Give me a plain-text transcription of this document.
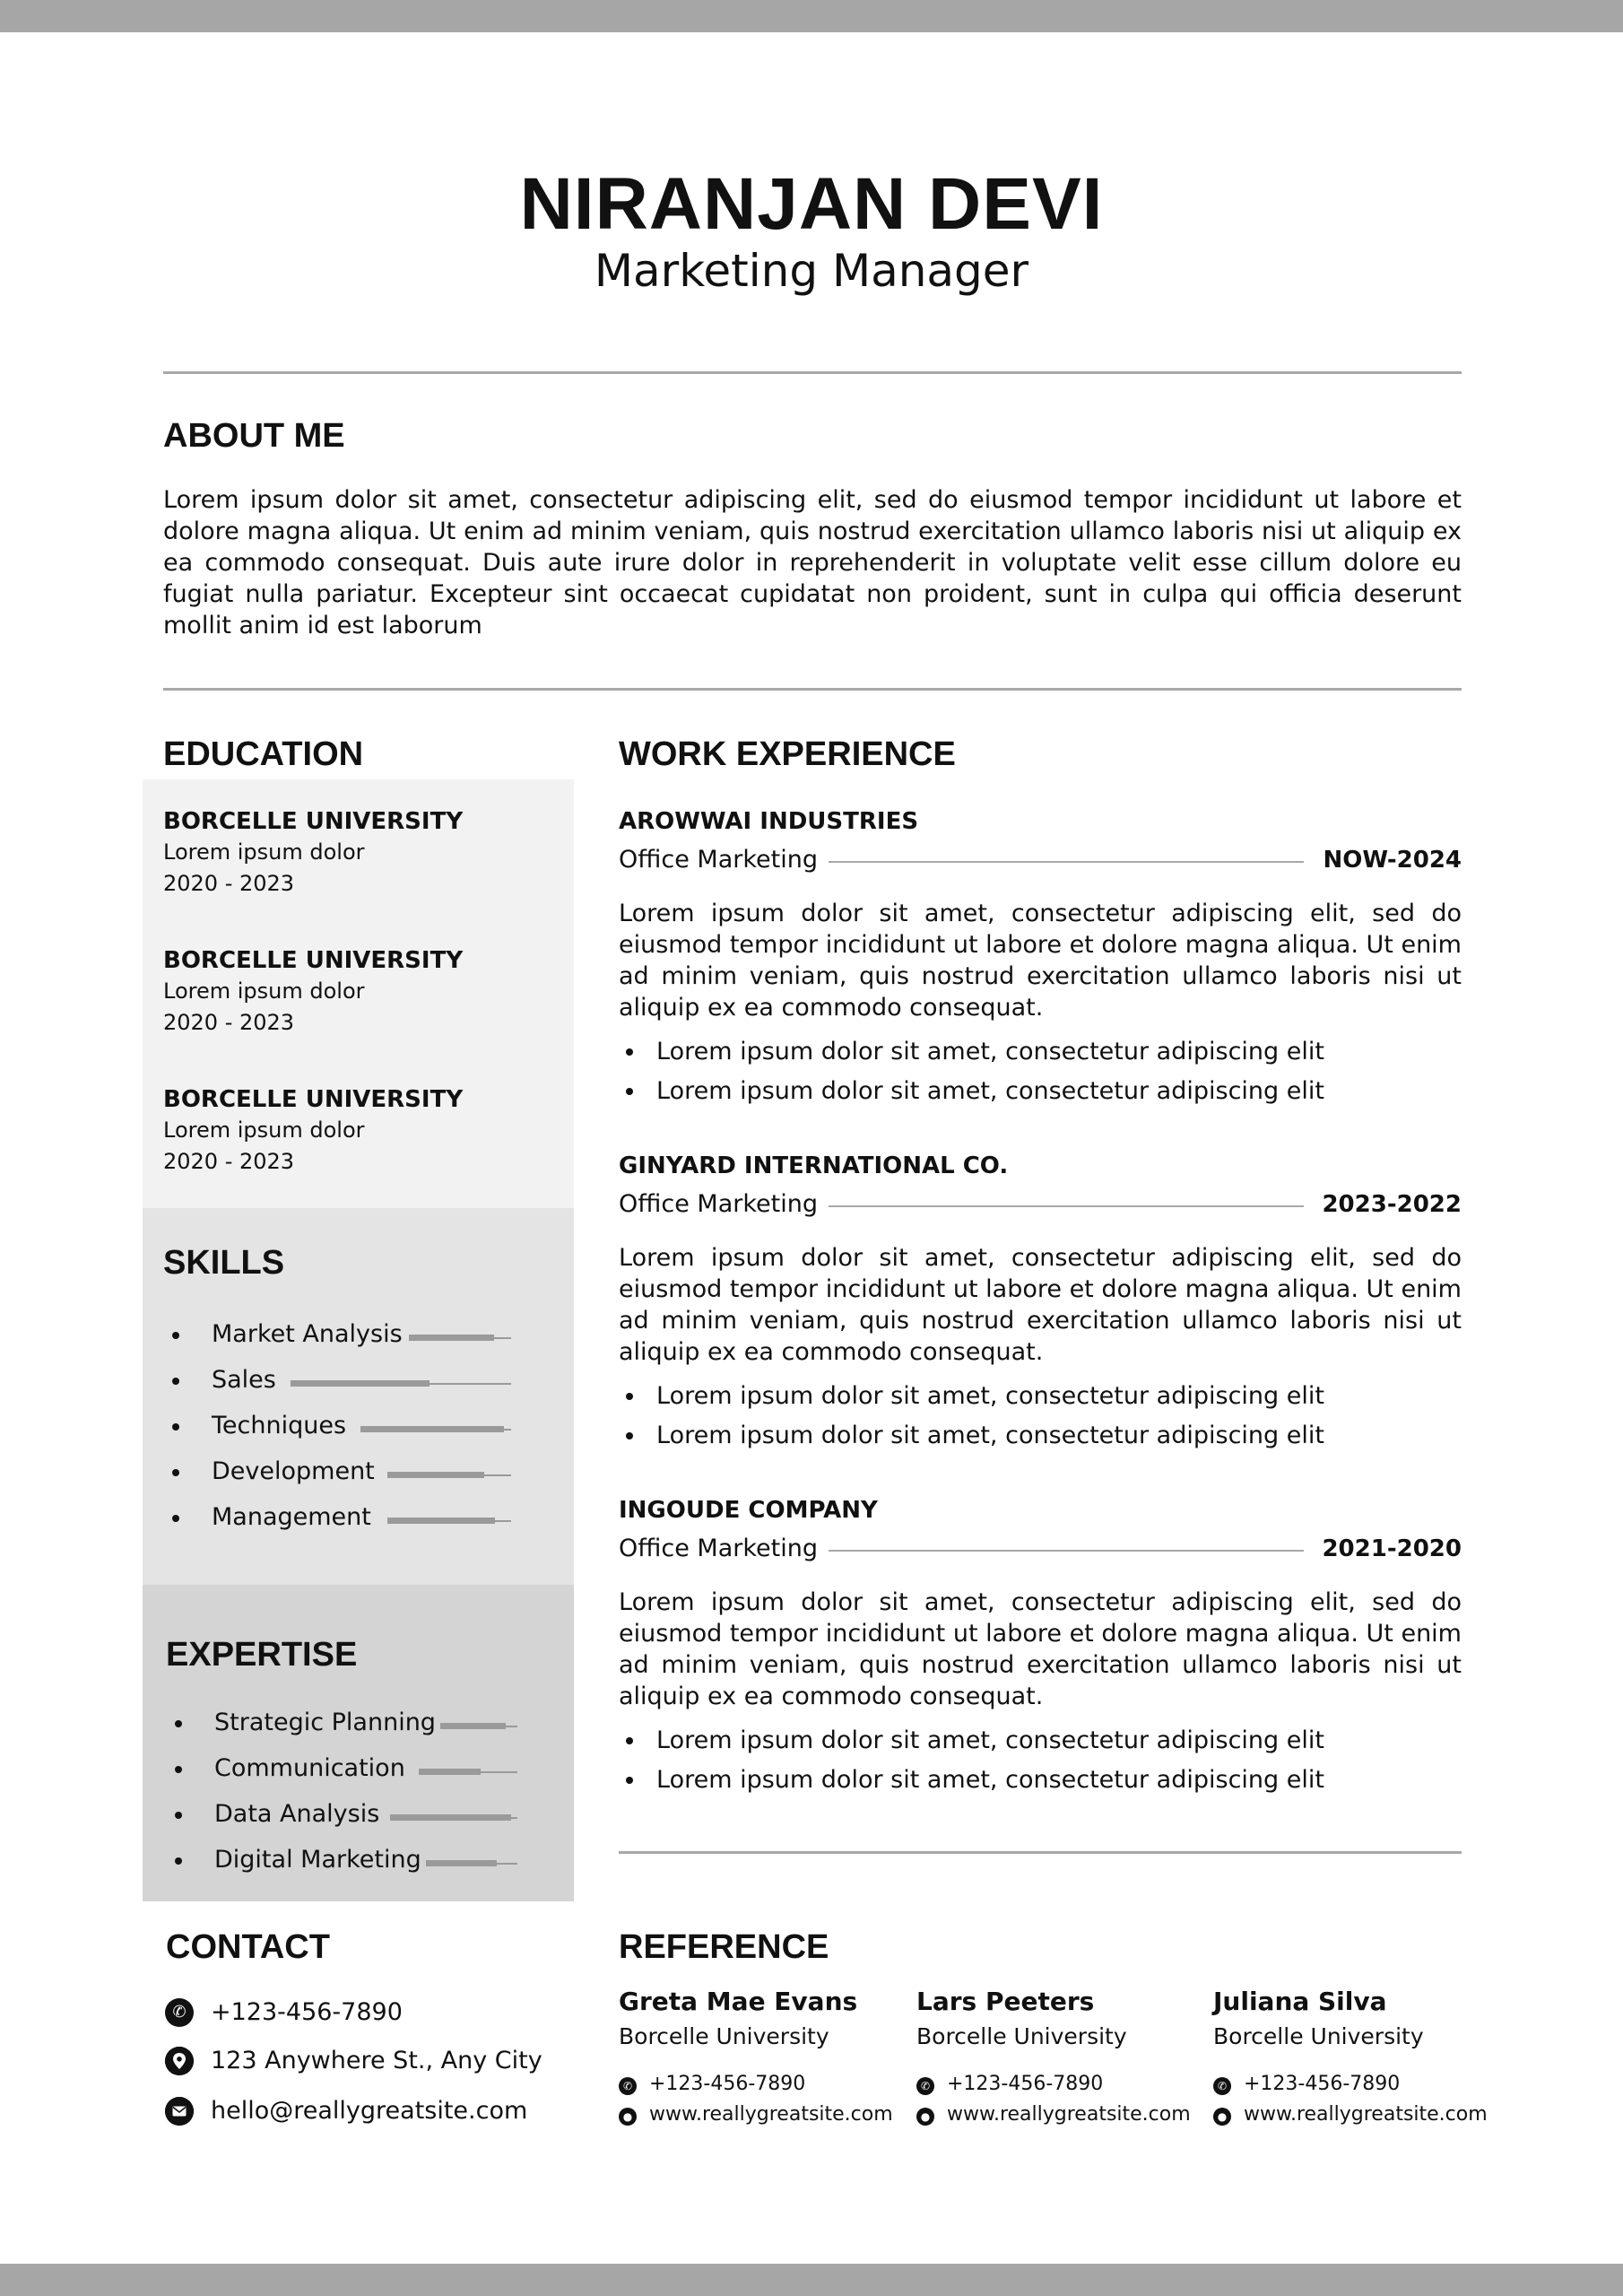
NIRANJAN DEVI
Marketing Manager
ABOUT ME
Lorem ipsum dolor sit amet, consectetur adipiscing elit, sed do eiusmod tempor incididunt ut labore et dolore magna aliqua. Ut enim ad minim veniam, quis nostrud exercitation ullamco laboris nisi ut aliquip ex ea commodo consequat. Duis aute irure dolor in reprehenderit in voluptate velit esse cillum dolore eu fugiat nulla pariatur. Excepteur sint occaecat cupidatat non proident, sunt in culpa qui officia deserunt mollit anim id est laborum
EDUCATION
BORCELLE UNIVERSITY
Lorem ipsum dolor
2020 - 2023
BORCELLE UNIVERSITY
Lorem ipsum dolor
2020 - 2023
BORCELLE UNIVERSITY
Lorem ipsum dolor
2020 - 2023
SKILLS
Market Analysis
Sales
Techniques
Development
Management
EXPERTISE
Strategic Planning
Communication
Data Analysis
Digital Marketing
WORK EXPERIENCE
AROWWAI INDUSTRIES
Office Marketing	NOW-2024
Lorem ipsum dolor sit amet, consectetur adipiscing elit, sed do eiusmod tempor incididunt ut labore et dolore magna aliqua. Ut enim ad minim veniam, quis nostrud exercitation ullamco laboris nisi ut aliquip ex ea commodo consequat.
Lorem ipsum dolor sit amet, consectetur adipiscing elit
Lorem ipsum dolor sit amet, consectetur adipiscing elit
GINYARD INTERNATIONAL CO.
Office Marketing	2023-2022
Lorem ipsum dolor sit amet, consectetur adipiscing elit, sed do eiusmod tempor incididunt ut labore et dolore magna aliqua. Ut enim ad minim veniam, quis nostrud exercitation ullamco laboris nisi ut aliquip ex ea commodo consequat.
Lorem ipsum dolor sit amet, consectetur adipiscing elit
Lorem ipsum dolor sit amet, consectetur adipiscing elit
INGOUDE COMPANY
Office Marketing	2021-2020
Lorem ipsum dolor sit amet, consectetur adipiscing elit, sed do eiusmod tempor incididunt ut labore et dolore magna aliqua. Ut enim ad minim veniam, quis nostrud exercitation ullamco laboris nisi ut aliquip ex ea commodo consequat.
Lorem ipsum dolor sit amet, consectetur adipiscing elit
Lorem ipsum dolor sit amet, consectetur adipiscing elit
CONTACT
✆	+123-456-7890
123 Anywhere St., Any City
hello@reallygreatsite.com
REFERENCE
Greta Mae Evans
Borcelle University
✆ +123-456-7890
● www.reallygreatsite.com
Lars Peeters
Borcelle University
✆ +123-456-7890
● www.reallygreatsite.com
Juliana Silva
Borcelle University
✆ +123-456-7890
● www.reallygreatsite.com
